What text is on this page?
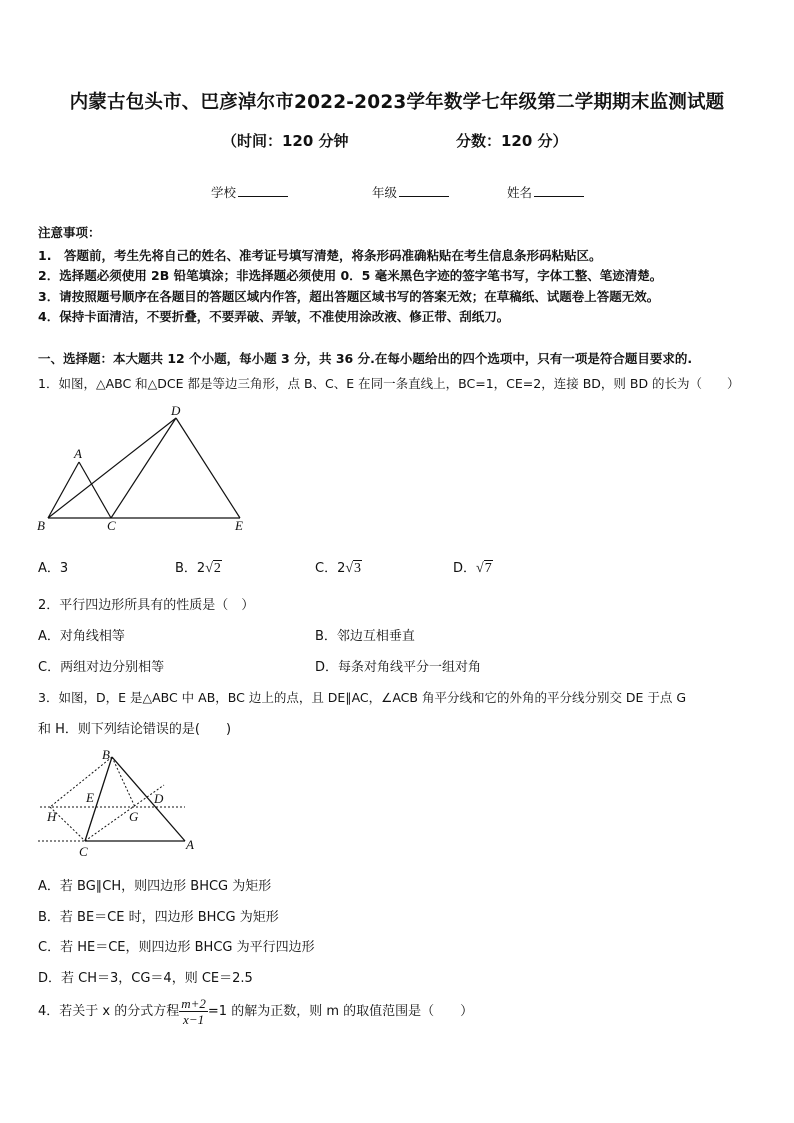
内蒙古包头市、巴彦淖尔市2022-2023学年数学七年级第二学期期末监测试题
（时间：120 分钟	分数：120 分）
学校	年级	姓名
注意事项：
1.　答题前，考生先将自己的姓名、准考证号填写清楚，将条形码准确粘贴在考生信息条形码粘贴区。
2．选择题必须使用 2B 铅笔填涂；非选择题必须使用 0．5 毫米黑色字迹的签字笔书写，字体工整、笔迹清楚。
3．请按照题号顺序在各题目的答题区域内作答，超出答题区域书写的答案无效；在草稿纸、试题卷上答题无效。
4．保持卡面清洁，不要折叠，不要弄破、弄皱，不准使用涂改液、修正带、刮纸刀。
一、选择题：本大题共 12 个小题，每小题 3 分，共 36 分.在每小题给出的四个选项中，只有一项是符合题目要求的.
1．如图，△ABC 和△DCE 都是等边三角形，点 B、C、E 在同一条直线上，BC=1，CE=2，连接 BD，则 BD 的长为（　　）
A
B	C
D
E
A．3	B．2√2	C．2√3	D．√7
2．平行四边形所具有的性质是（　）
A．对角线相等	B．邻边互相垂直
C．两组对边分别相等	D．每条对角线平分一组对角
3．如图，D，E 是△ABC 中 AB，BC 边上的点，且 DE∥AC，∠ACB 角平分线和它的外角的平分线分别交 DE 于点 G
和 H．则下列结论错误的是(　　)
B
E	D
H	G
C	A
A．若 BG∥CH，则四边形 BHCG 为矩形
B．若 BE＝CE 时，四边形 BHCG 为矩形
C．若 HE＝CE，则四边形 BHCG 为平行四边形
D．若 CH＝3，CG＝4，则 CE＝2.5
4．若关于 x 的分式方程 $\frac{m+2}{x-1} =1$ 的解为正数，则 m 的取值范围是（　　）
